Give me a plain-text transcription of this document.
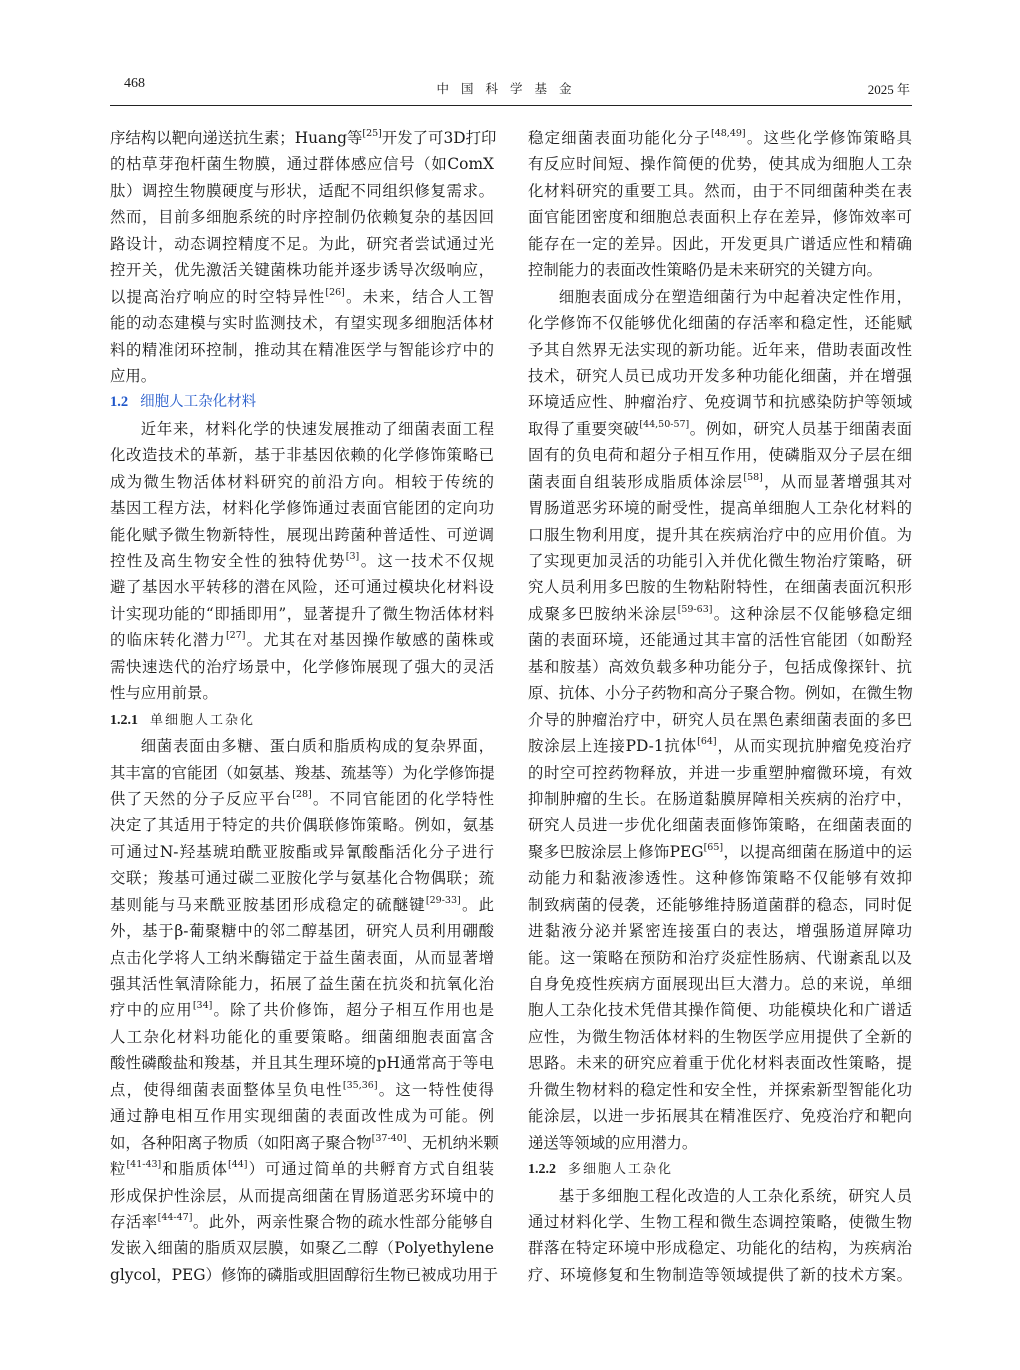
468	中国科学基金	2025 年
序结构以靶向递送抗生素；Huang等[25]开发了可3D打印
的枯草芽孢杆菌生物膜，通过群体感应信号（如ComX
肽）调控生物膜硬度与形状，适配不同组织修复需求。
然而，目前多细胞系统的时序控制仍依赖复杂的基因回
路设计，动态调控精度不足。为此，研究者尝试通过光
控开关，优先激活关键菌株功能并逐步诱导次级响应，
以提高治疗响应的时空特异性[26]。未来，结合人工智
能的动态建模与实时监测技术，有望实现多细胞活体材
料的精准闭环控制，推动其在精准医学与智能诊疗中的
应用。
1.2 细胞人工杂化材料
近年来，材料化学的快速发展推动了细菌表面工程
化改造技术的革新，基于非基因依赖的化学修饰策略已
成为微生物活体材料研究的前沿方向。相较于传统的
基因工程方法，材料化学修饰通过表面官能团的定向功
能化赋予微生物新特性，展现出跨菌种普适性、可逆调
控性及高生物安全性的独特优势[3]。这一技术不仅规
避了基因水平转移的潜在风险，还可通过模块化材料设
计实现功能的“即插即用”，显著提升了微生物活体材料
的临床转化潜力[27]。尤其在对基因操作敏感的菌株或
需快速迭代的治疗场景中，化学修饰展现了强大的灵活
性与应用前景。
1.2.1 单细胞人工杂化
细菌表面由多糖、蛋白质和脂质构成的复杂界面，
其丰富的官能团（如氨基、羧基、巯基等）为化学修饰提
供了天然的分子反应平台[28]。不同官能团的化学特性
决定了其适用于特定的共价偶联修饰策略。例如，氨基
可通过N-羟基琥珀酰亚胺酯或异氰酸酯活化分子进行
交联；羧基可通过碳二亚胺化学与氨基化合物偶联；巯
基则能与马来酰亚胺基团形成稳定的硫醚键[29-33]。此
外，基于β-葡聚糖中的邻二醇基团，研究人员利用硼酸
点击化学将人工纳米酶锚定于益生菌表面，从而显著增
强其活性氧清除能力，拓展了益生菌在抗炎和抗氧化治
疗中的应用[34]。除了共价修饰，超分子相互作用也是
人工杂化材料功能化的重要策略。细菌细胞表面富含
酸性磷酸盐和羧基，并且其生理环境的pH通常高于等电
点，使得细菌表面整体呈负电性[35,36]。这一特性使得
通过静电相互作用实现细菌的表面改性成为可能。例
如，各种阳离子物质（如阳离子聚合物[37-40]、无机纳米颗
粒[41-43]和脂质体[44]）可通过简单的共孵育方式自组装
形成保护性涂层，从而提高细菌在胃肠道恶劣环境中的
存活率[44-47]。此外，两亲性聚合物的疏水性部分能够自
发嵌入细菌的脂质双层膜，如聚乙二醇（Polyethylene
glycol，PEG）修饰的磷脂或胆固醇衍生物已被成功用于
稳定细菌表面功能化分子[48,49]。这些化学修饰策略具
有反应时间短、操作简便的优势，使其成为细胞人工杂
化材料研究的重要工具。然而，由于不同细菌种类在表
面官能团密度和细胞总表面积上存在差异，修饰效率可
能存在一定的差异。因此，开发更具广谱适应性和精确
控制能力的表面改性策略仍是未来研究的关键方向。
细胞表面成分在塑造细菌行为中起着决定性作用，
化学修饰不仅能够优化细菌的存活率和稳定性，还能赋
予其自然界无法实现的新功能。近年来，借助表面改性
技术，研究人员已成功开发多种功能化细菌，并在增强
环境适应性、肿瘤治疗、免疫调节和抗感染防护等领域
取得了重要突破[44,50-57]。例如，研究人员基于细菌表面
固有的负电荷和超分子相互作用，使磷脂双分子层在细
菌表面自组装形成脂质体涂层[58]，从而显著增强其对
胃肠道恶劣环境的耐受性，提高单细胞人工杂化材料的
口服生物利用度，提升其在疾病治疗中的应用价值。为
了实现更加灵活的功能引入并优化微生物治疗策略，研
究人员利用多巴胺的生物粘附特性，在细菌表面沉积形
成聚多巴胺纳米涂层[59-63]。这种涂层不仅能够稳定细
菌的表面环境，还能通过其丰富的活性官能团（如酚羟
基和胺基）高效负载多种功能分子，包括成像探针、抗
原、抗体、小分子药物和高分子聚合物。例如，在微生物
介导的肿瘤治疗中，研究人员在黑色素细菌表面的多巴
胺涂层上连接PD-1抗体[64]，从而实现抗肿瘤免疫治疗
的时空可控药物释放，并进一步重塑肿瘤微环境，有效
抑制肿瘤的生长。在肠道黏膜屏障相关疾病的治疗中，
研究人员进一步优化细菌表面修饰策略，在细菌表面的
聚多巴胺涂层上修饰PEG[65]，以提高细菌在肠道中的运
动能力和黏液渗透性。这种修饰策略不仅能够有效抑
制致病菌的侵袭，还能够维持肠道菌群的稳态，同时促
进黏液分泌并紧密连接蛋白的表达，增强肠道屏障功
能。这一策略在预防和治疗炎症性肠病、代谢紊乱以及
自身免疫性疾病方面展现出巨大潜力。总的来说，单细
胞人工杂化技术凭借其操作简便、功能模块化和广谱适
应性，为微生物活体材料的生物医学应用提供了全新的
思路。未来的研究应着重于优化材料表面改性策略，提
升微生物材料的稳定性和安全性，并探索新型智能化功
能涂层，以进一步拓展其在精准医疗、免疫治疗和靶向
递送等领域的应用潜力。
1.2.2 多细胞人工杂化
基于多细胞工程化改造的人工杂化系统，研究人员
通过材料化学、生物工程和微生态调控策略，使微生物
群落在特定环境中形成稳定、功能化的结构，为疾病治
疗、环境修复和生物制造等领域提供了新的技术方案。
